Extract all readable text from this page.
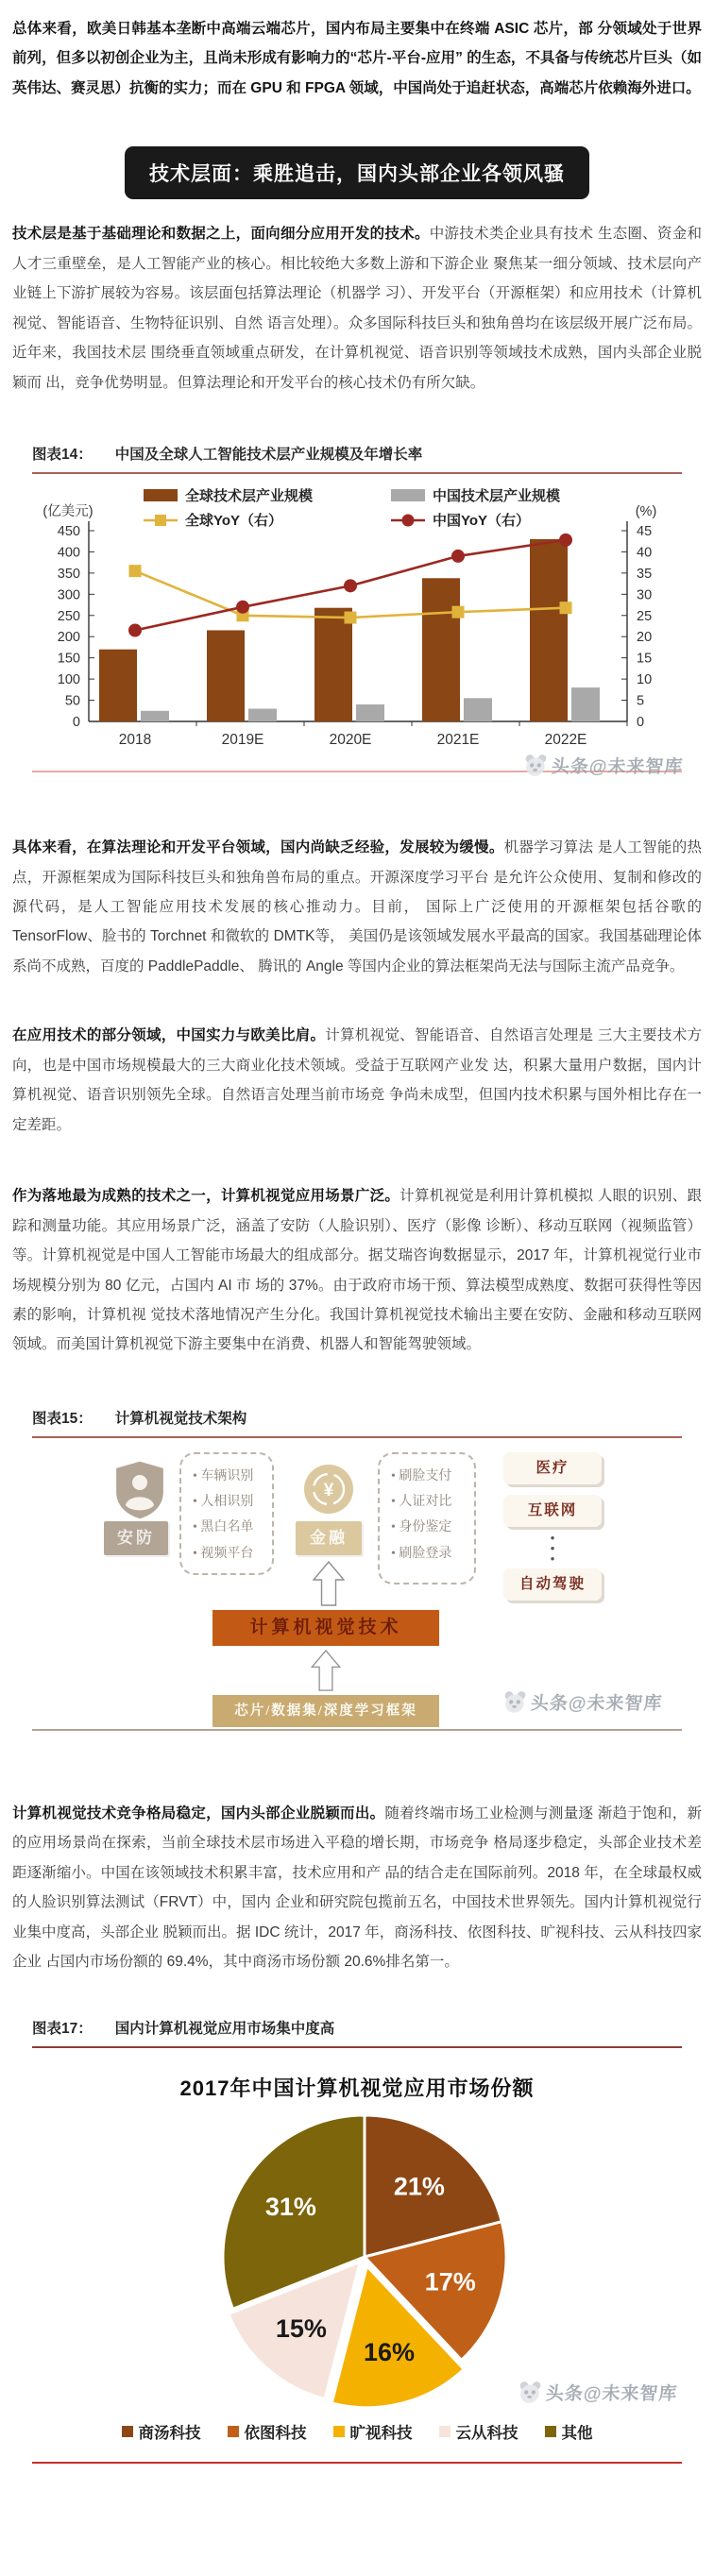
总体来看，欧美日韩基本垄断中高端云端芯片，国内布局主要集中在终端 ASIC 芯片，部 分领域处于世界前列，但多以初创企业为主，且尚未形成有影响力的“芯片-平台-应用” 的生态，不具备与传统芯片巨头（如英伟达、赛灵思）抗衡的实力；而在 GPU 和 FPGA 领域，中国尚处于追赶状态，高端芯片依赖海外进口。

技术层面：乘胜追击，国内头部企业各领风骚

技术层是基于基础理论和数据之上，面向细分应用开发的技术。中游技术类企业具有技术 生态圈、资金和人才三重壁垒，是人工智能产业的核心。相比较绝大多数上游和下游企业 聚焦某一细分领域、技术层向产业链上下游扩展较为容易。该层面包括算法理论（机器学 习）、开发平台（开源框架）和应用技术（计算机视觉、智能语音、生物特征识别、自然 语言处理）。众多国际科技巨头和独角兽均在该层级开展广泛布局。近年来，我国技术层 围绕垂直领域重点研发，在计算机视觉、语音识别等领域技术成熟，国内头部企业脱颖而 出，竞争优势明显。但算法理论和开发平台的核心技术仍有所欠缺。

图表14： 中国及全球人工智能技术层产业规模及年增长率
全球技术层产业规模	中国技术层产业规模
全球YoY（右）	中国YoY（右）
0
50
100
150
200
250
300
350
400
450
0
5
10
15
20
25
30
35
40
45
(亿美元)	(%)
2018	2019E	2020E	2021E	2022E
头条@未来智库

具体来看，在算法理论和开发平台领域，国内尚缺乏经验，发展较为缓慢。机器学习算法 是人工智能的热点，开源框架成为国际科技巨头和独角兽布局的重点。开源深度学习平台 是允许公众使用、复制和修改的源代码，是人工智能应用技术发展的核心推动力。目前， 国际上广泛使用的开源框架包括谷歌的 TensorFlow、脸书的 Torchnet 和微软的 DMTK等， 美国仍是该领域发展水平最高的国家。我国基础理论体系尚不成熟，百度的 PaddlePaddle、 腾讯的 Angle 等国内企业的算法框架尚无法与国际主流产品竞争。

在应用技术的部分领域，中国实力与欧美比肩。计算机视觉、智能语音、自然语言处理是 三大主要技术方向，也是中国市场规模最大的三大商业化技术领域。受益于互联网产业发 达，积累大量用户数据，国内计算机视觉、语音识别领先全球。自然语言处理当前市场竞 争尚未成型，但国内技术积累与国外相比存在一定差距。

作为落地最为成熟的技术之一，计算机视觉应用场景广泛。计算机视觉是利用计算机模拟 人眼的识别、跟踪和测量功能。其应用场景广泛，涵盖了安防（人脸识别）、医疗（影像 诊断）、移动互联网（视频监管）等。计算机视觉是中国人工智能市场最大的组成部分。据艾瑞咨询数据显示，2017 年，计算机视觉行业市场规模分别为 80 亿元，占国内 AI 市 场的 37%。由于政府市场干预、算法模型成熟度、数据可获得性等因素的影响，计算机视 觉技术落地情况产生分化。我国计算机视觉技术输出主要在安防、金融和移动互联网领域。而美国计算机视觉下游主要集中在消费、机器人和智能驾驶领域。

图表15： 计算机视觉技术架构
安防
• 车辆识别
• 人相识别
• 黑白名单
• 视频平台
¥
金融
• 刷脸支付
• 人证对比
• 身份鉴定
• 刷脸登录
医疗
互联网
•
•
•
自动驾驶
计算机视觉技术
芯片/数据集/深度学习框架	头条@未来智库

计算机视觉技术竞争格局稳定，国内头部企业脱颖而出。随着终端市场工业检测与测量逐 渐趋于饱和，新的应用场景尚在探索，当前全球技术层市场进入平稳的增长期，市场竞争 格局逐步稳定，头部企业技术差距逐渐缩小。中国在该领域技术积累丰富，技术应用和产 品的结合走在国际前列。2018 年，在全球最权威的人脸识别算法测试（FRVT）中，国内 企业和研究院包揽前五名，中国技术世界领先。国内计算机视觉行业集中度高，头部企业 脱颖而出。据 IDC 统计，2017 年，商汤科技、依图科技、旷视科技、云从科技四家企业 占国内市场份额的 69.4%，其中商汤市场份额 20.6%排名第一。

图表17： 国内计算机视觉应用市场集中度高
2017年中国计算机视觉应用市场份额
21%
17%
16%
15%
31%
商汤科技	依图科技	旷视科技	云从科技	其他
头条@未来智库
